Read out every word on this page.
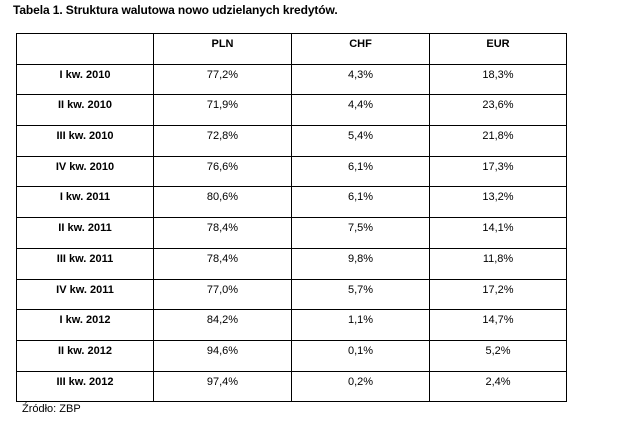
Tabela 1. Struktura walutowa nowo udzielanych kredytów.
	PLN	CHF	EUR
I kw. 2010	77,2%	4,3%	18,3%
II kw. 2010	71,9%	4,4%	23,6%
III kw. 2010	72,8%	5,4%	21,8%
IV kw. 2010	76,6%	6,1%	17,3%
I kw. 2011	80,6%	6,1%	13,2%
II kw. 2011	78,4%	7,5%	14,1%
III kw. 2011	78,4%	9,8%	11,8%
IV kw. 2011	77,0%	5,7%	17,2%
I kw. 2012	84,2%	1,1%	14,7%
II kw. 2012	94,6%	0,1%	5,2%
III kw. 2012	97,4%	0,2%	2,4%
Źródło: ZBP
